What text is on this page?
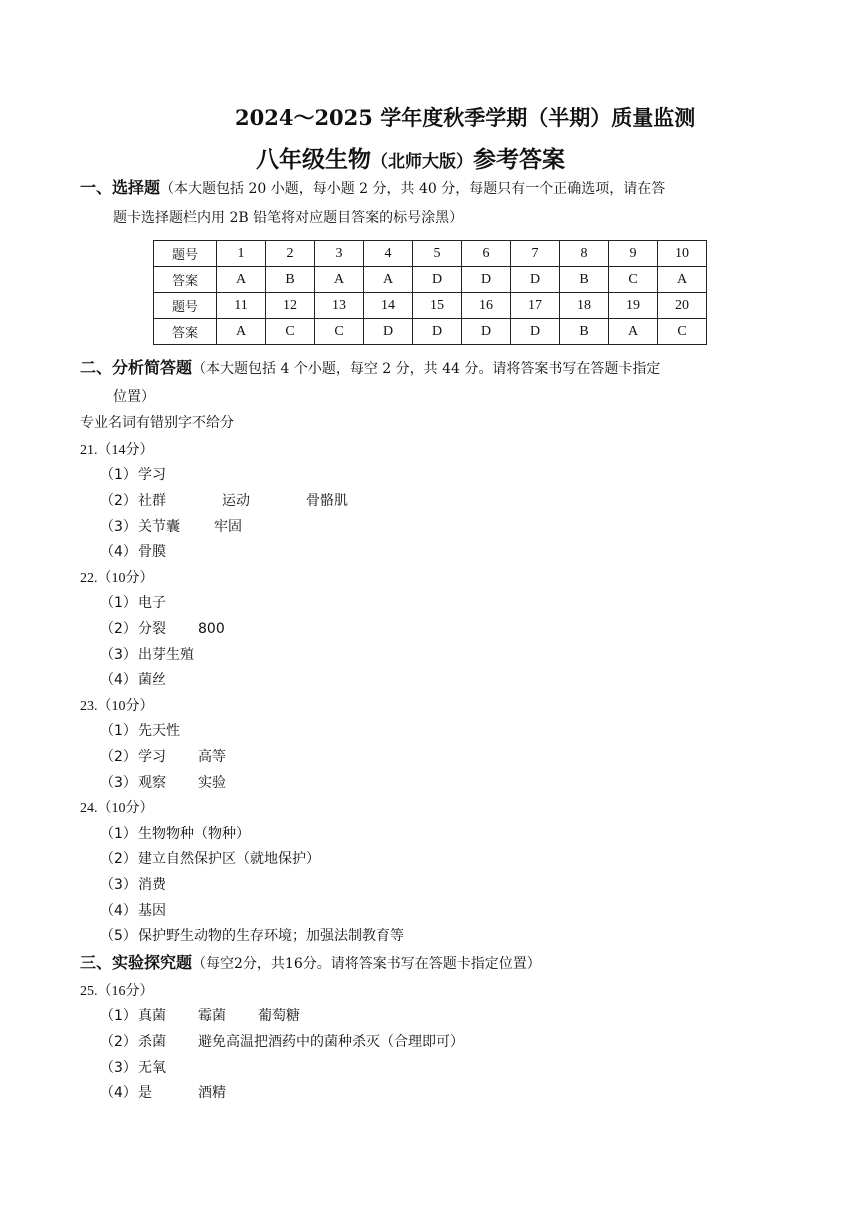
2024～2025 学年度秋季学期（半期）质量监测
八年级生物（北师大版）参考答案
一、选择题（本大题包括 20 小题，每小题 2 分，共 40 分，每题只有一个正确选项，请在答
题卡选择题栏内用 2B 铅笔将对应题目答案的标号涂黑）
题号	1	2	3	4	5	6	7	8	9	10
答案	A	B	A	A	D	D	D	B	C	A
题号	11	12	13	14	15	16	17	18	19	20
答案	A	C	C	D	D	D	D	B	A	C
二、分析简答题（本大题包括 4 个小题，每空 2 分，共 44 分。请将答案书写在答题卡指定
位置）
专业名词有错别字不给分
21.（14分）
（1）学习
（2）社群	运动	骨骼肌
（3）关节囊 牢固
（4）骨膜
22.（10分）
（1）电子
（2）分裂 800
（3）出芽生殖
（4）菌丝
23.（10分）
（1）先天性
（2）学习 高等
（3）观察 实验
24.（10分）
（1）生物物种（物种）
（2）建立自然保护区（就地保护）
（3）消费
（4）基因
（5）保护野生动物的生存环境；加强法制教育等
三、实验探究题（每空2分，共16分。请将答案书写在答题卡指定位置）
25.（16分）
（1）真菌 霉菌 葡萄糖
（2）杀菌 避免高温把酒药中的菌种杀灭（合理即可）
（3）无氧
（4）是	酒精
